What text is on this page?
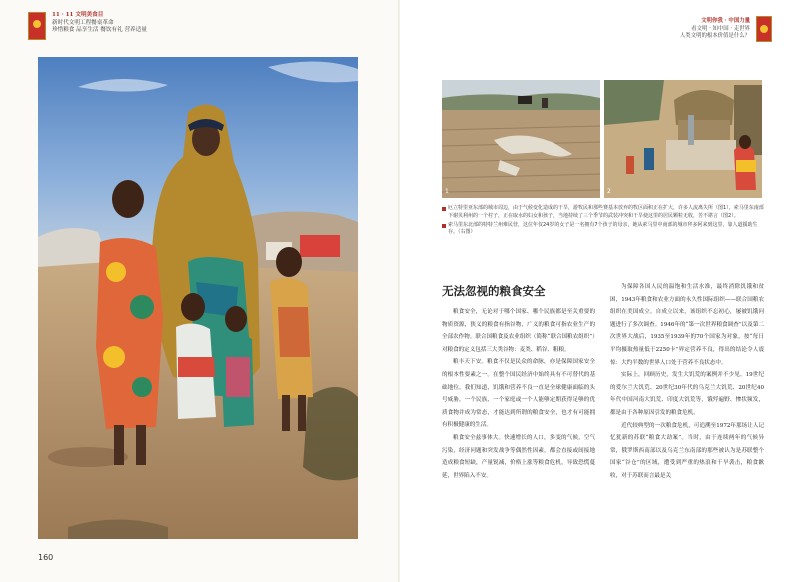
11 · 11 文明美食目
新时代文明工程餐桌革命
珍惜粮食 品享生活 餐饮有礼 营养适量
160
文明你我 · 中国力量
看文明 · 知中国 · 走世界
人类文明的根本价值是什么？
1	2

厄立特里亚东部的城市周边，由于气候变化造成的干旱，游牧民和那些赛基本放弃的牧区面积正在扩大，许多人流离失所（图1），索马里东南部下谢贝利州的一个村子，正在取水的妇女和孩子，当地持续了三个季节的武装冲突和干旱使这里的居民颗粒无收，苦不堪言（图2）。

索马里东北部的特特兰州难民营，这位年仅24岁的女子是一名拥有7个孩子的母亲，她从索马里中南部的城市拜多阿来到这里，靠人道援助生存。（右图）

无法忽视的粮食安全

粮食安全，无论对于哪个国家、哪个民族都是至关重要的物质资源，狭义的粮食有指谷物，广义的粮食可指农业生产的全部农作物。联合国粮食及农业组织（简称“联合国粮农组织”）对粮食的定义包括三大类谷物：麦类、稻谷、粗粮。

粮丰天下安。粮食不仅是民众的命脉，亦是保障国家安全的根本性要素之一。在整个国民经济中始终具有不可替代的基础地位。我们知道，饥饿和营养不良一直是全球健康面临的头号威胁，一个民族、一个家庭或一个人能够定期获得足够的优质食物并成为常态，才能达到所谓的粮食安全，也才有可能拥有积极健康的生活。

粮食安全兹事体大。快速增长的人口，多变的气候，空气污染，经济问题和突发战争等偶然性因素，都会直接或间接地造成粮食短缺，产量锐减，价格上涨等粮食危机，导致恐慌蔓延，世界陷入不安。

为保障各国人民的温饱和生活水准，最终消除饥饿和贫困，1943年粮食和农业方面的永久性国际组织——联合国粮农组织在美国成立。自成立以来，该组织不忘初心，屡被饥饿问题进行了多次调查。1946年的“第一次世界粮食调查”以及第二次世界大战后，1935至1939年的70个国家为对象，按“每日平均摄取热量低于2250卡”界定营养不良，得出的结论令人震惊：大约半数的世界人口处于营养不良状态中。

实际上，回顾历史，发生大饥荒的案例并不少见。19世纪的爱尔兰大饥荒、20世纪30年代的乌克兰大饥荒、20世纪40年代中国河南大饥荒、印度大饥荒等，饿殍遍野、惨状频发，都是由于各种原因引发的粮食危机。

近代较典型的一次粮食危机，可追溯至1972年那场让人记忆犹新的苏联“粮食大劫案”。当时，由于连续两年的气候异常，俄罗斯西南部以及乌克兰东南部的那些被认为是苏联整个国家“谷仓”的区域，遭受到严重的热浪和干旱袭击，粮食歉收，对于苏联而言最是关
